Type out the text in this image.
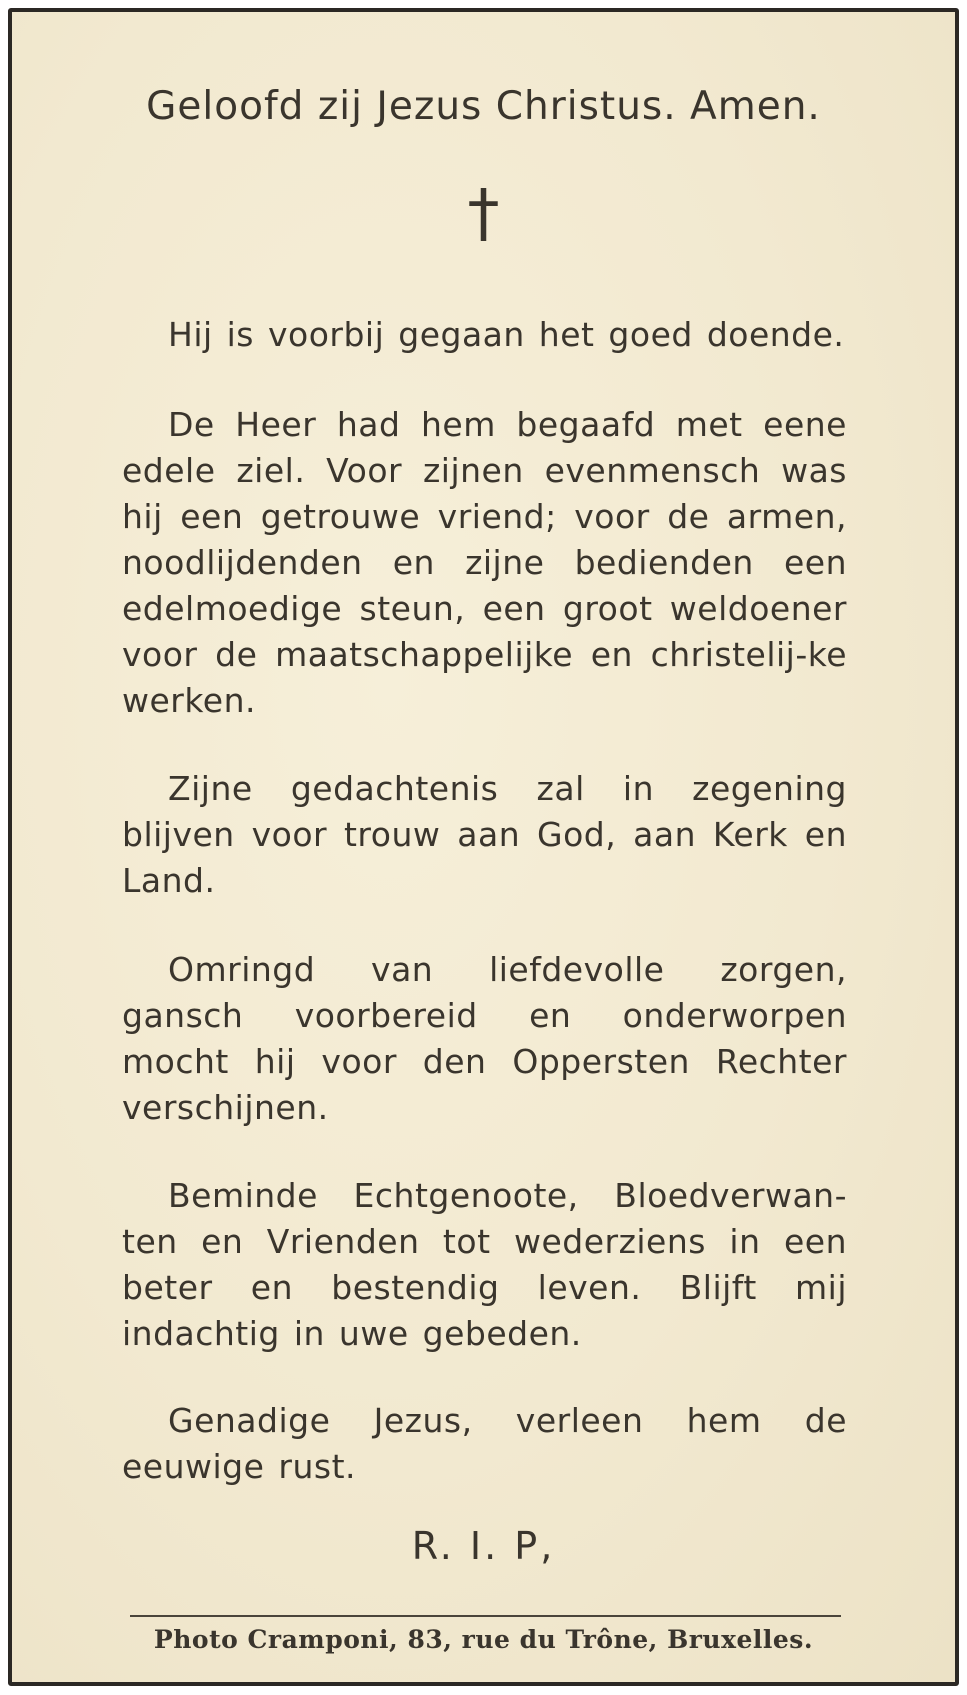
Geloofd zij Jezus Christus. Amen.
†
Hij is voorbij gegaan het goed doende.
De Heer had hem begaafd met eene edele ziel. Voor zijnen evenmensch was hij een getrouwe vriend; voor de armen, noodlijdenden en zijne bedienden een edelmoedige steun, een groot weldoener voor de maatschappelijke en christelij-ke werken.
Zijne gedachtenis zal in zegening blijven voor trouw aan God, aan Kerk en Land.
Omringd van liefdevolle zorgen, gansch voorbereid en onderworpen mocht hij voor den Oppersten Rechter verschijnen.
Beminde Echtgenoote, Bloedverwan-ten en Vrienden tot wederziens in een beter en bestendig leven. Blijft mij indachtig in uwe gebeden.
Genadige Jezus, verleen hem de eeuwige rust.
R. I. P,
Photo Cramponi, 83, rue du Trône, Bruxelles.
